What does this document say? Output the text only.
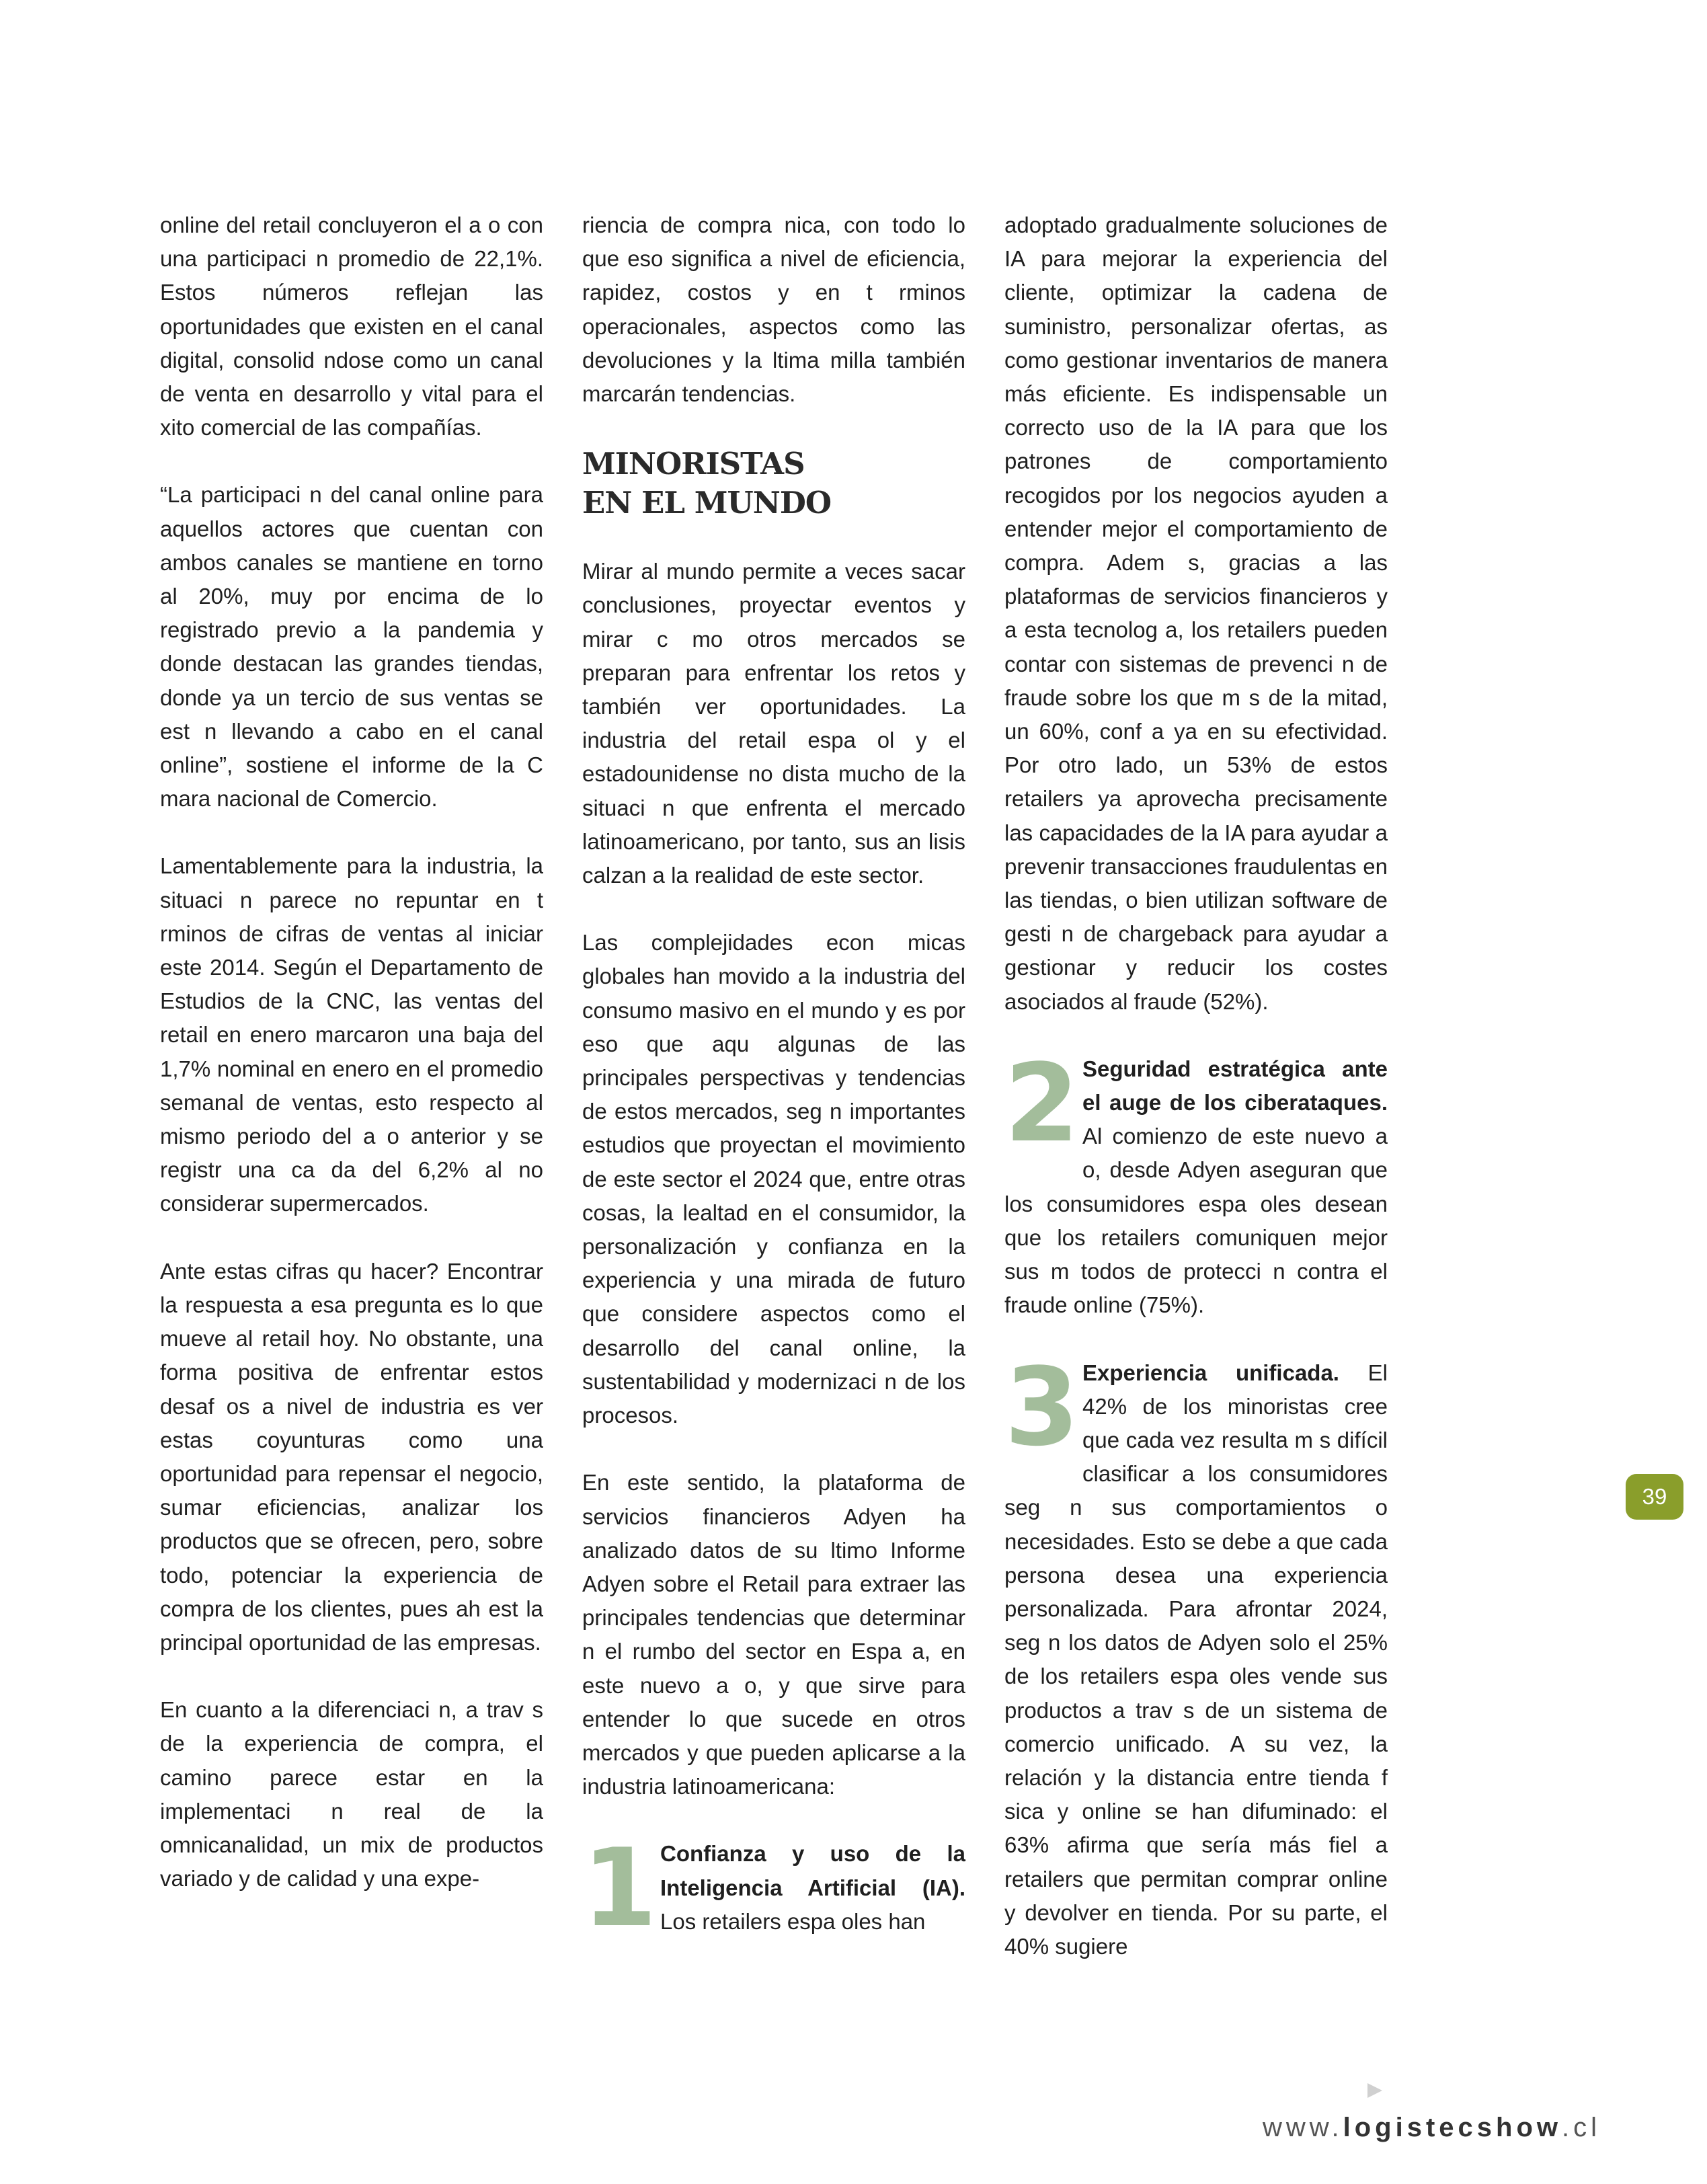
online del retail concluyeron el a o con una participaci n promedio de 22,1%. Estos números reflejan las oportunidades que existen en el canal digital, consolid ndose como un canal de venta en desarrollo y vital para el xito comercial de las compañías.

“La participaci n del canal online para aquellos actores que cuentan con ambos canales se mantiene en torno al 20%, muy por encima de lo registrado previo a la pandemia y donde destacan las grandes tiendas, donde ya un tercio de sus ventas se est n llevando a cabo en el canal online”, sostiene el informe de la C mara nacional de Comercio.

Lamentablemente para la industria, la situaci n parece no repuntar en t rminos de cifras de ventas al iniciar este 2014. Según el Departamento de Estudios de la CNC, las ventas del retail en enero marcaron una baja del 1,7% nominal en enero en el promedio semanal de ventas, esto respecto al mismo periodo del a o anterior y se registr una ca da del 6,2% al no considerar supermercados.

Ante estas cifras qu hacer? Encontrar la respuesta a esa pregunta es lo que mueve al retail hoy. No obstante, una forma positiva de enfrentar estos desaf os a nivel de industria es ver estas coyunturas como una oportunidad para repensar el negocio, sumar eficiencias, analizar los productos que se ofrecen, pero, sobre todo, potenciar la experiencia de compra de los clientes, pues ah est la principal oportunidad de las empresas.

En cuanto a la diferenciaci n, a trav s de la experiencia de compra, el camino parece estar en la implementaci n real de la omnicanalidad, un mix de productos variado y de calidad y una expe-

riencia de compra nica, con todo lo que eso significa a nivel de eficiencia, rapidez, costos y en t rminos operacionales, aspectos como las devoluciones y la ltima milla también marcarán tendencias.

MINORISTAS
EN EL MUNDO

Mirar al mundo permite a veces sacar conclusiones, proyectar eventos y mirar c mo otros mercados se preparan para enfrentar los retos y también ver oportunidades. La industria del retail espa ol y el estadounidense no dista mucho de la situaci n que enfrenta el mercado latinoamericano, por tanto, sus an lisis calzan a la realidad de este sector.

Las complejidades econ micas globales han movido a la industria del consumo masivo en el mundo y es por eso que aqu algunas de las principales perspectivas y tendencias de estos mercados, seg n importantes estudios que proyectan el movimiento de este sector el 2024 que, entre otras cosas, la lealtad en el consumidor, la personalización y confianza en la experiencia y una mirada de futuro que considere aspectos como el desarrollo del canal online, la sustentabilidad y modernizaci n de los procesos.

En este sentido, la plataforma de servicios financieros Adyen ha analizado datos de su ltimo Informe Adyen sobre el Retail para extraer las principales tendencias que determinar n el rumbo del sector en Espa a, en este nuevo a o, y que sirve para entender lo que sucede en otros mercados y que pueden aplicarse a la industria latinoamericana:

1 Confianza y uso de la Inteligencia Artificial (IA). Los retailers espa oles han

adoptado gradualmente soluciones de IA para mejorar la experiencia del cliente, optimizar la cadena de suministro, personalizar ofertas, as como gestionar inventarios de manera más eficiente. Es indispensable un correcto uso de la IA para que los patrones de comportamiento recogidos por los negocios ayuden a entender mejor el comportamiento de compra. Adem s, gracias a las plataformas de servicios financieros y a esta tecnolog a, los retailers pueden contar con sistemas de prevenci n de fraude sobre los que m s de la mitad, un 60%, conf a ya en su efectividad. Por otro lado, un 53% de estos retailers ya aprovecha precisamente las capacidades de la IA para ayudar a prevenir transacciones fraudulentas en las tiendas, o bien utilizan software de gesti n de chargeback para ayudar a gestionar y reducir los costes asociados al fraude (52%).

2 Seguridad estratégica ante el auge de los ciberataques. Al comienzo de este nuevo a o, desde Adyen aseguran que los consumidores espa oles desean que los retailers comuniquen mejor sus m todos de protecci n contra el fraude online (75%).

3 Experiencia unificada. El 42% de los minoristas cree que cada vez resulta m s difícil clasificar a los consumidores seg n sus comportamientos o necesidades. Esto se debe a que cada persona desea una experiencia personalizada. Para afrontar 2024, seg n los datos de Adyen solo el 25% de los retailers espa oles vende sus productos a trav s de un sistema de comercio unificado. A su vez, la relación y la distancia entre tienda f sica y online se han difuminado: el 63% afirma que sería más fiel a retailers que permitan comprar online y devolver en tienda. Por su parte, el 40% sugiere

39
www.logistecshow.cl
